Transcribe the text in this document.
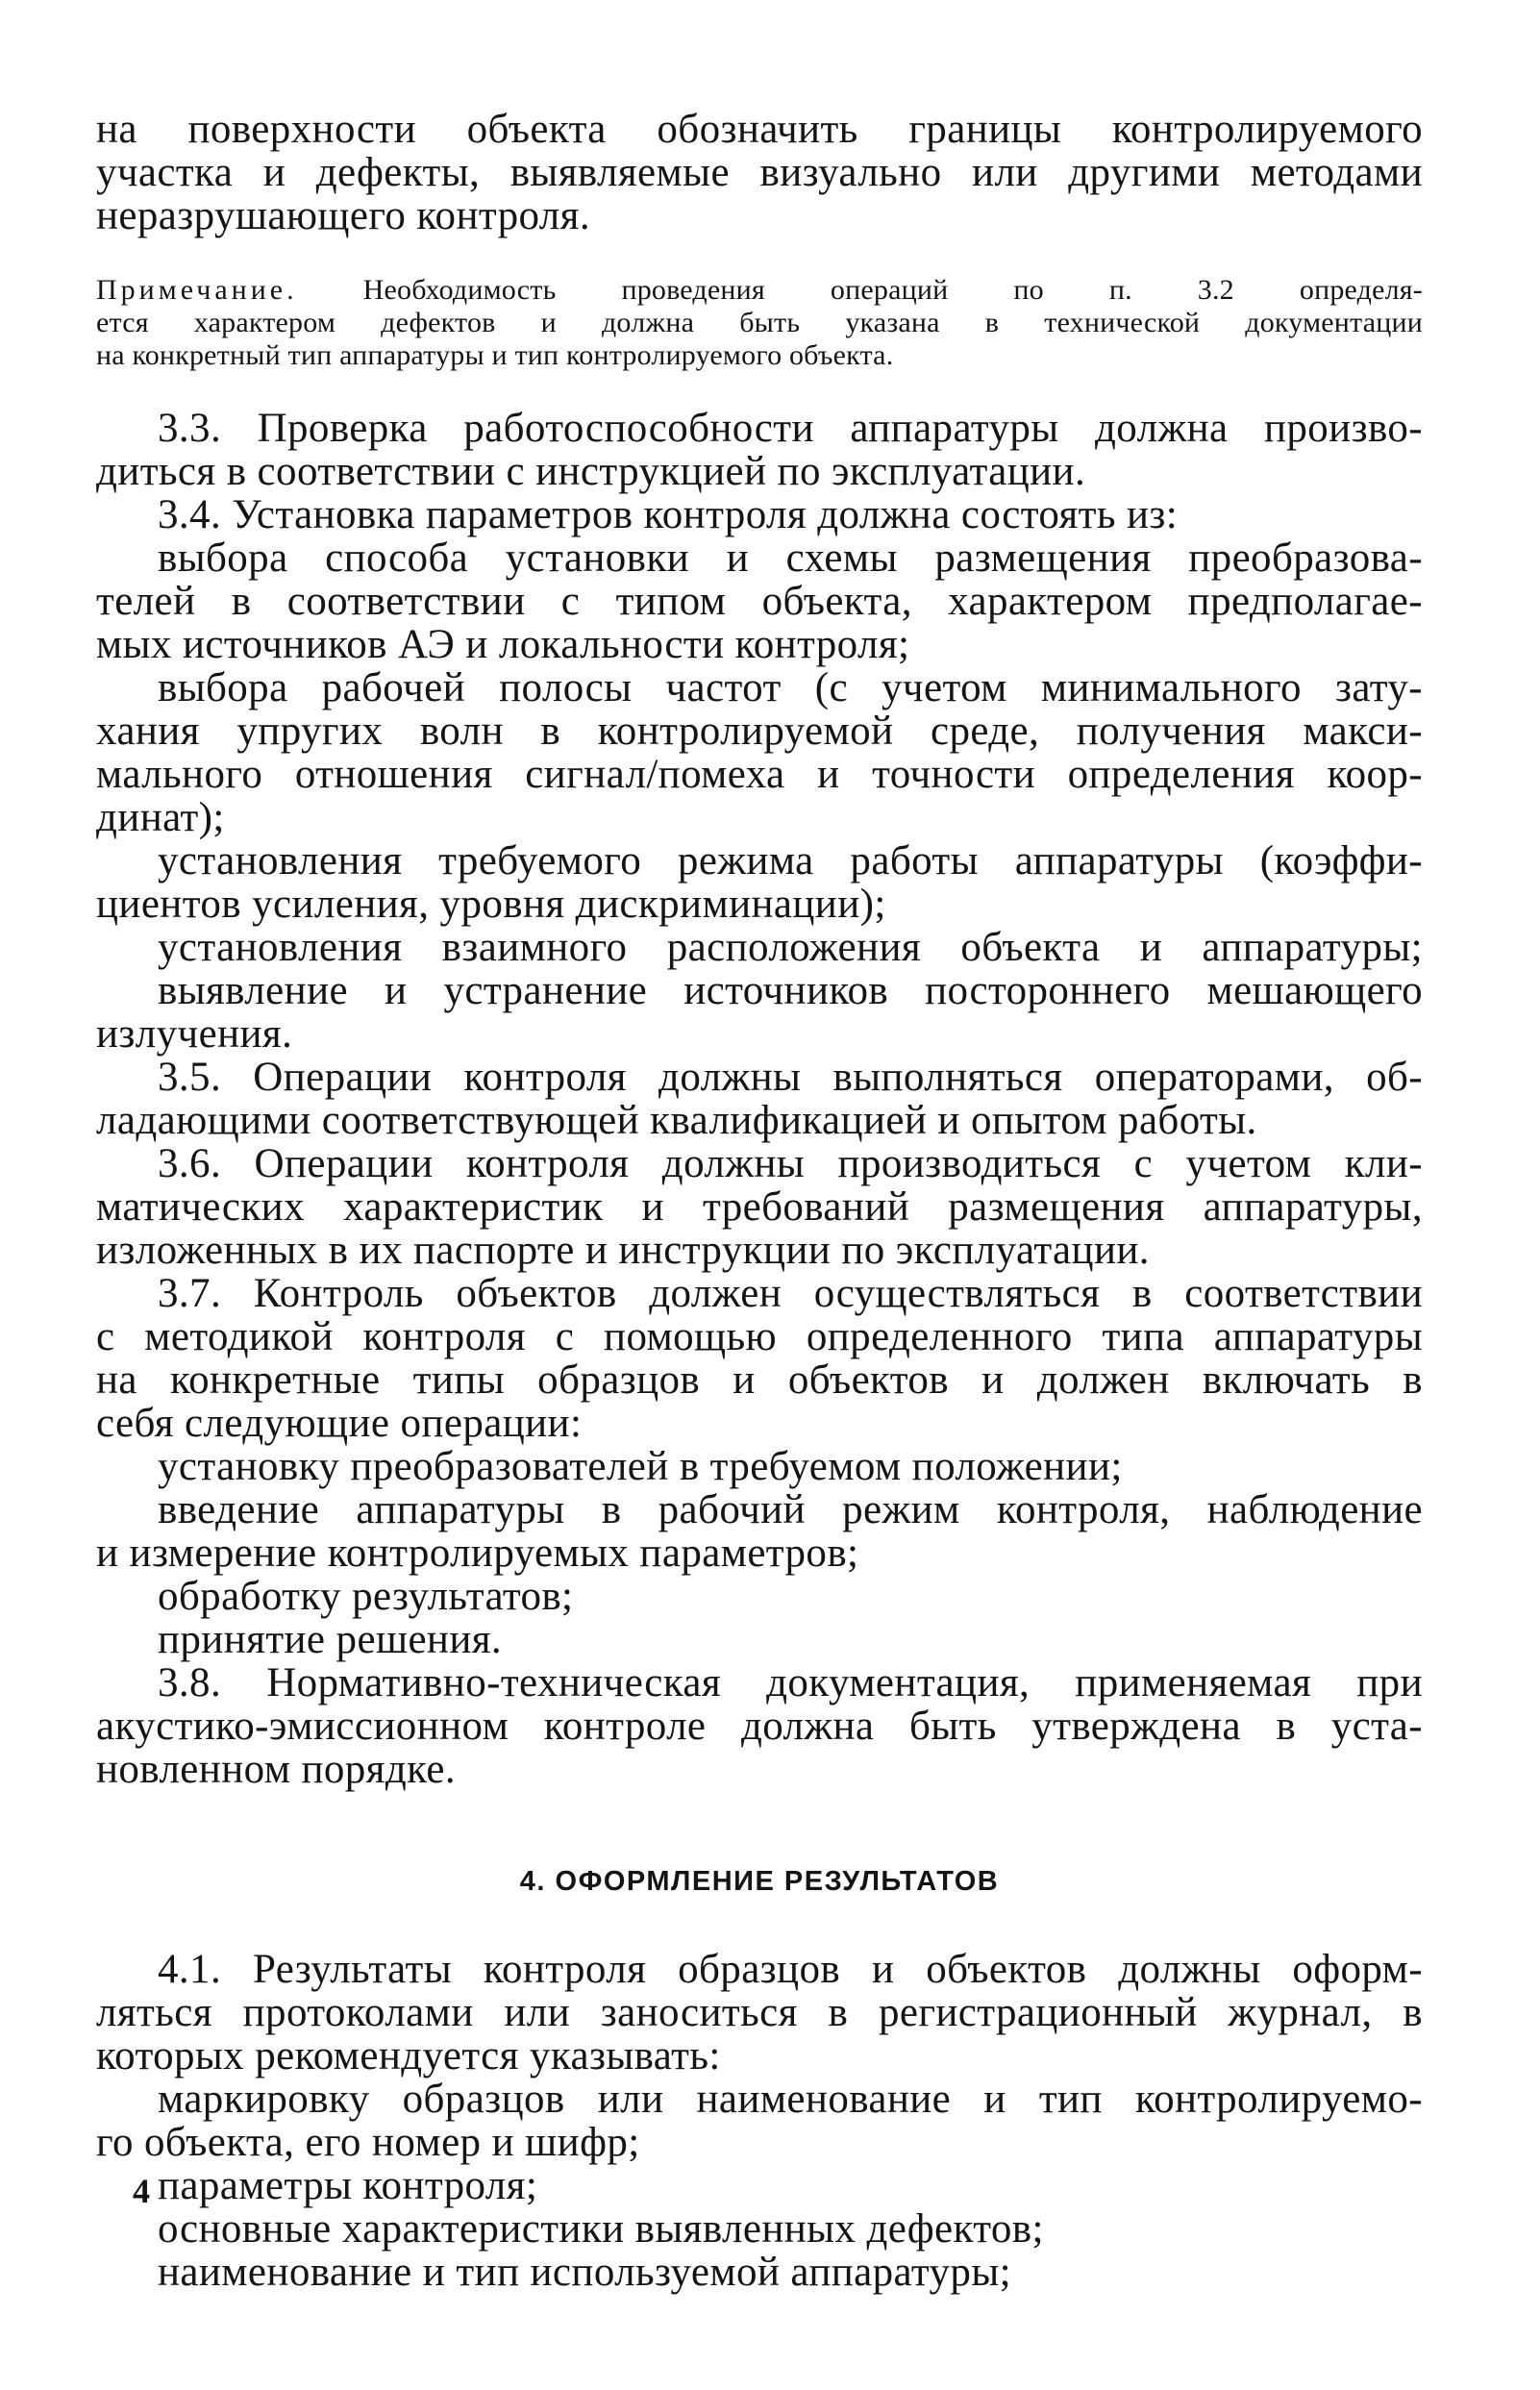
на поверхности объекта обозначить границы контролируемого
участка и дефекты, выявляемые визуально или другими методами
неразрушающего контроля.
Примечание. Необходимость проведения операций по п. 3.2 определя-
ется характером дефектов и должна быть указана в технической документации
на конкретный тип аппаратуры и тип контролируемого объекта.
3.3. Проверка работоспособности аппаратуры должна произво-
диться в соответствии с инструкцией по эксплуатации.
3.4. Установка параметров контроля должна состоять из:
выбора способа установки и схемы размещения преобразова-
телей в соответствии с типом объекта, характером предполагае-
мых источников АЭ и локальности контроля;
выбора рабочей полосы частот (с учетом минимального зату-
хания упругих волн в контролируемой среде, получения макси-
мального отношения сигнал/помеха и точности определения коор-
динат);
установления требуемого режима работы аппаратуры (коэффи-
циентов усиления, уровня дискриминации);
установления взаимного расположения объекта и аппаратуры;
выявление и устранение источников постороннего мешающего
излучения.
3.5. Операции контроля должны выполняться операторами, об-
ладающими соответствующей квалификацией и опытом работы.
3.6. Операции контроля должны производиться с учетом кли-
матических характеристик и требований размещения аппаратуры,
изложенных в их паспорте и инструкции по эксплуатации.
3.7. Контроль объектов должен осуществляться в соответствии
с методикой контроля с помощью определенного типа аппаратуры
на конкретные типы образцов и объектов и должен включать в
себя следующие операции:
установку преобразователей в требуемом положении;
введение аппаратуры в рабочий режим контроля, наблюдение
и измерение контролируемых параметров;
обработку результатов;
принятие решения.
3.8. Нормативно-техническая документация, применяемая при
акустико-эмиссионном контроле должна быть утверждена в уста-
новленном порядке.
4. ОФОРМЛЕНИЕ РЕЗУЛЬТАТОВ
4.1. Результаты контроля образцов и объектов должны оформ-
ляться протоколами или заноситься в регистрационный журнал, в
которых рекомендуется указывать:
маркировку образцов или наименование и тип контролируемо-
го объекта, его номер и шифр;
параметры контроля;
основные характеристики выявленных дефектов;
наименование и тип используемой аппаратуры;
4
